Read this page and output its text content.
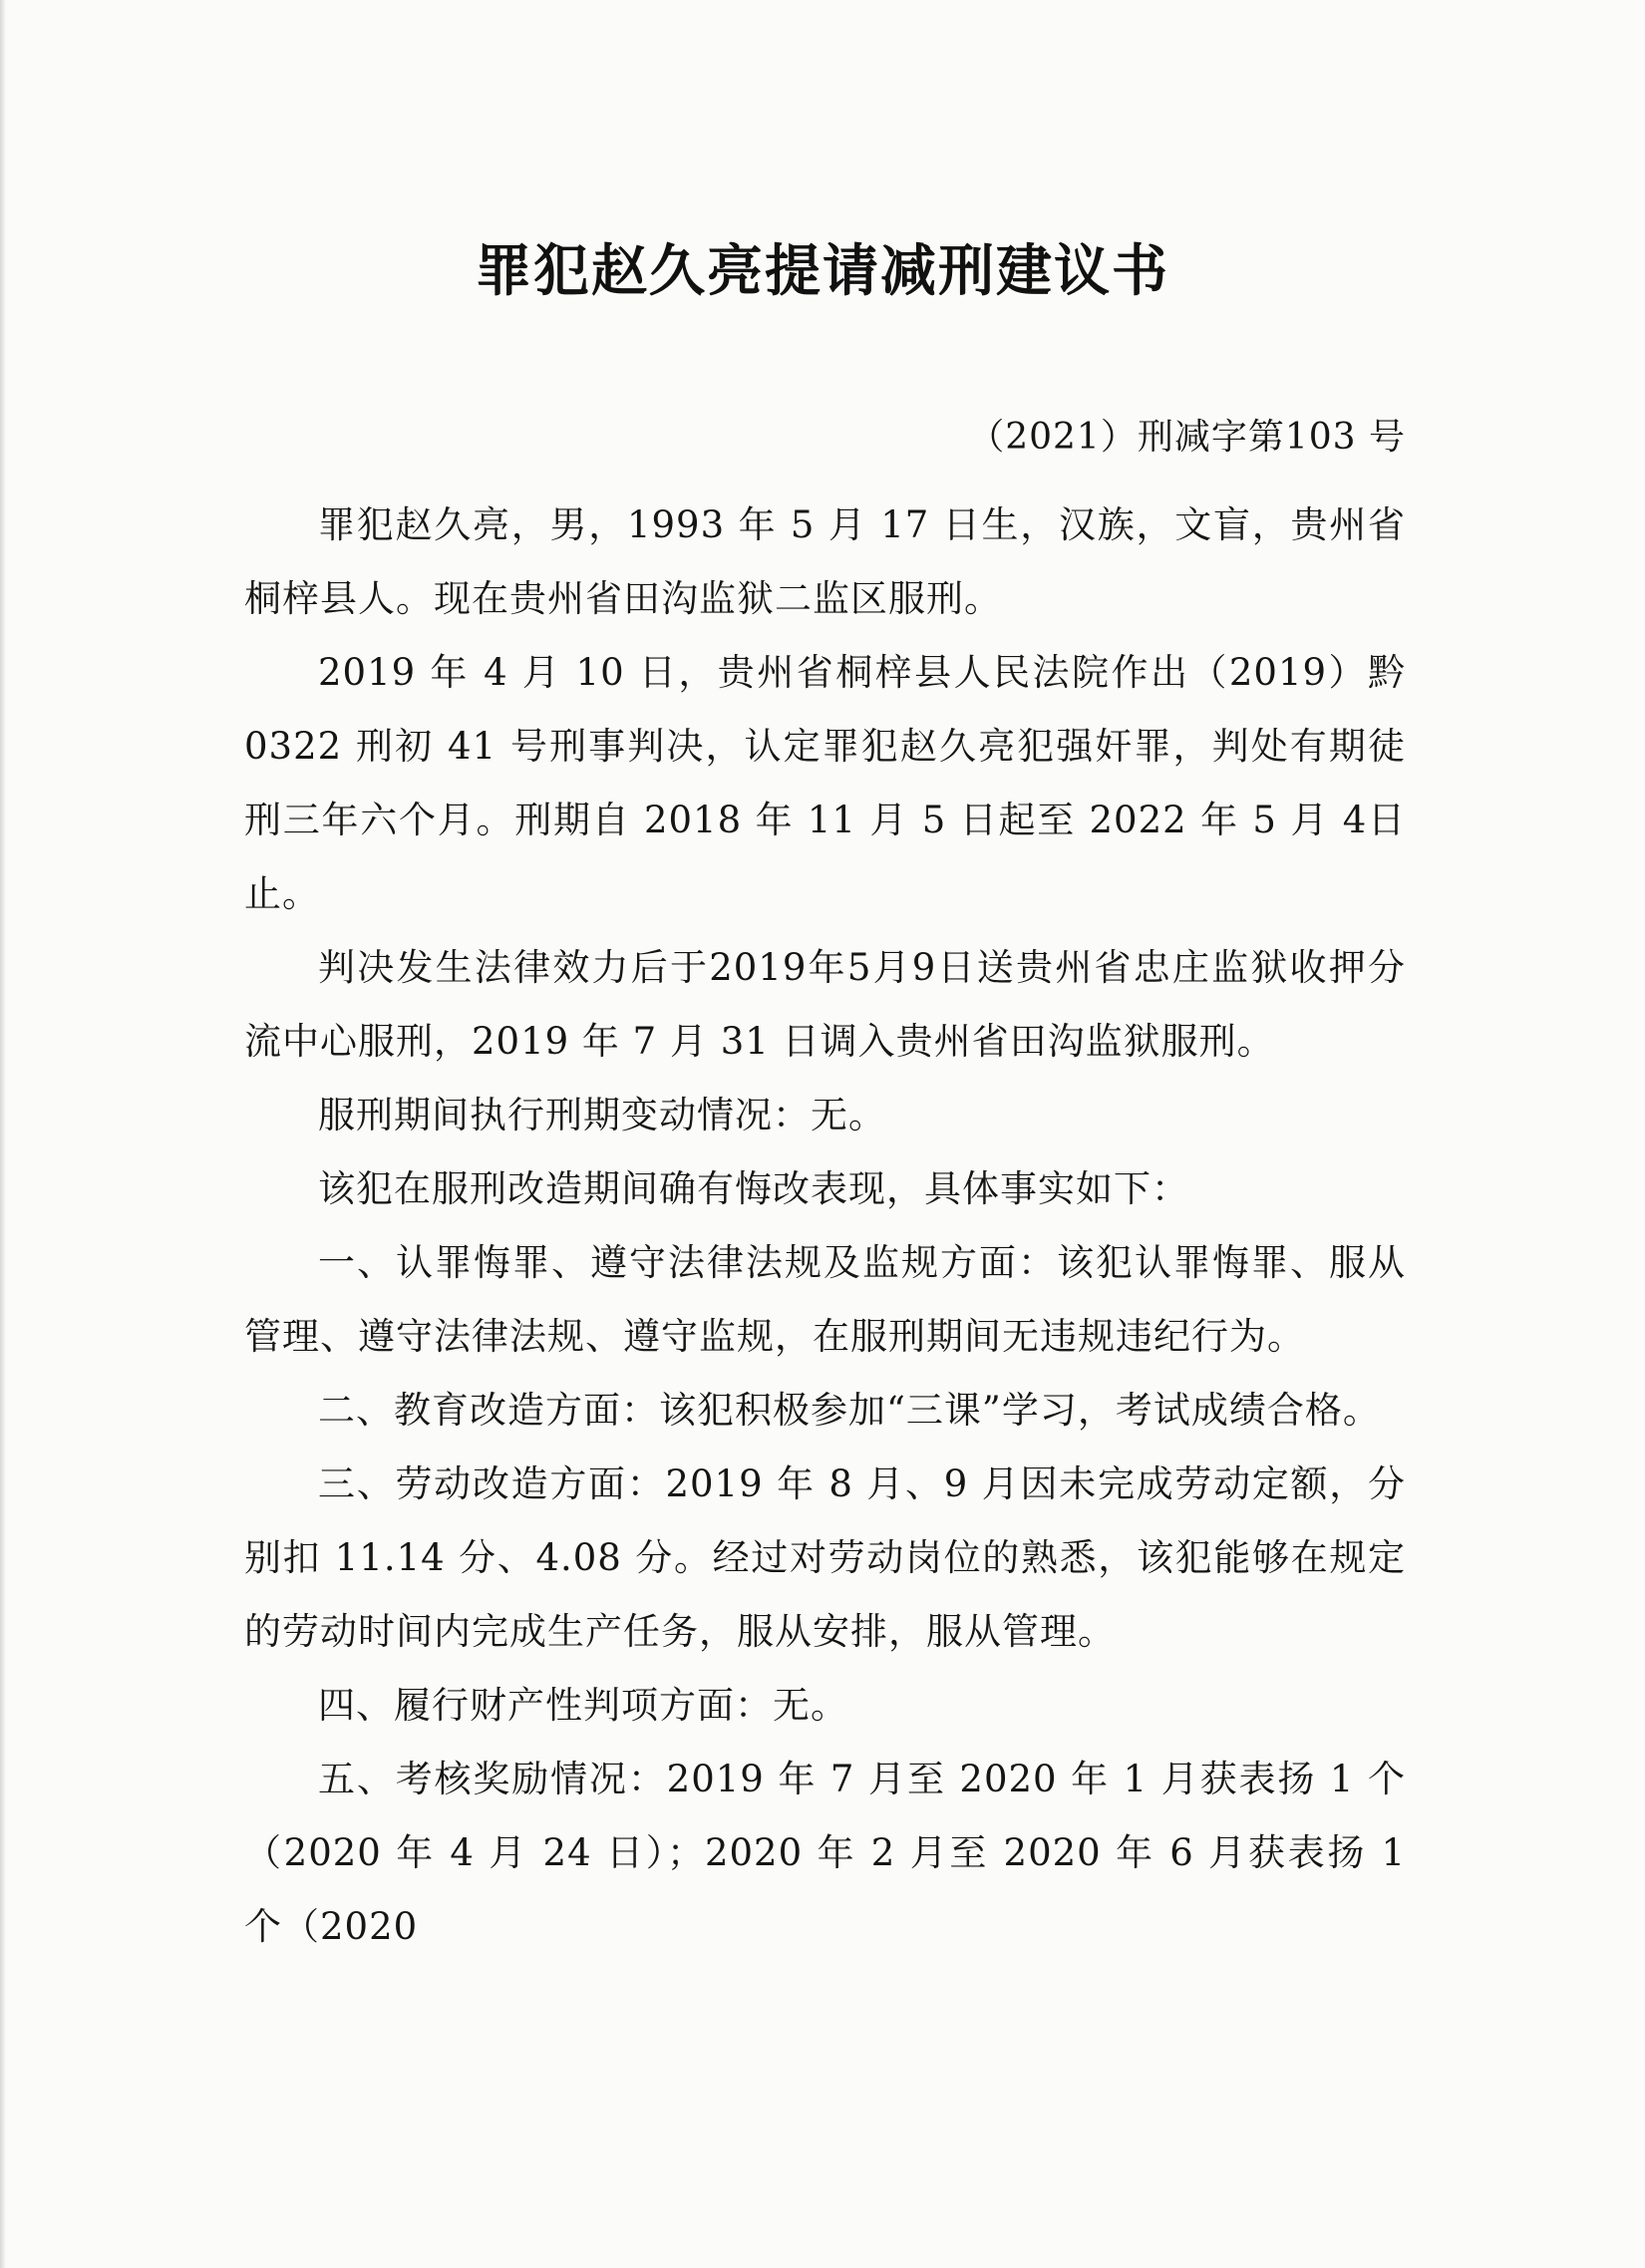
罪犯赵久亮提请减刑建议书
（2021）刑减字第103 号

罪犯赵久亮，男，1993 年 5 月 17 日生，汉族，文盲，贵州省桐梓县人。现在贵州省田沟监狱二监区服刑。

2019 年 4 月 10 日，贵州省桐梓县人民法院作出（2019）黔0322 刑初 41 号刑事判决，认定罪犯赵久亮犯强奸罪，判处有期徒刑三年六个月。刑期自 2018 年 11 月 5 日起至 2022 年 5 月 4日止。

判决发生法律效力后于2019年5月9日送贵州省忠庄监狱收押分流中心服刑，2019 年 7 月 31 日调入贵州省田沟监狱服刑。

服刑期间执行刑期变动情况：无。

该犯在服刑改造期间确有悔改表现，具体事实如下：

一、认罪悔罪、遵守法律法规及监规方面：该犯认罪悔罪、服从管理、遵守法律法规、遵守监规，在服刑期间无违规违纪行为。

二、教育改造方面：该犯积极参加“三课”学习，考试成绩合格。

三、劳动改造方面：2019 年 8 月、9 月因未完成劳动定额，分别扣 11.14 分、4.08 分。经过对劳动岗位的熟悉，该犯能够在规定的劳动时间内完成生产任务，服从安排，服从管理。

四、履行财产性判项方面：无。

五、考核奖励情况：2019 年 7 月至 2020 年 1 月获表扬 1 个（2020 年 4 月 24 日）；2020 年 2 月至 2020 年 6 月获表扬 1 个（2020
